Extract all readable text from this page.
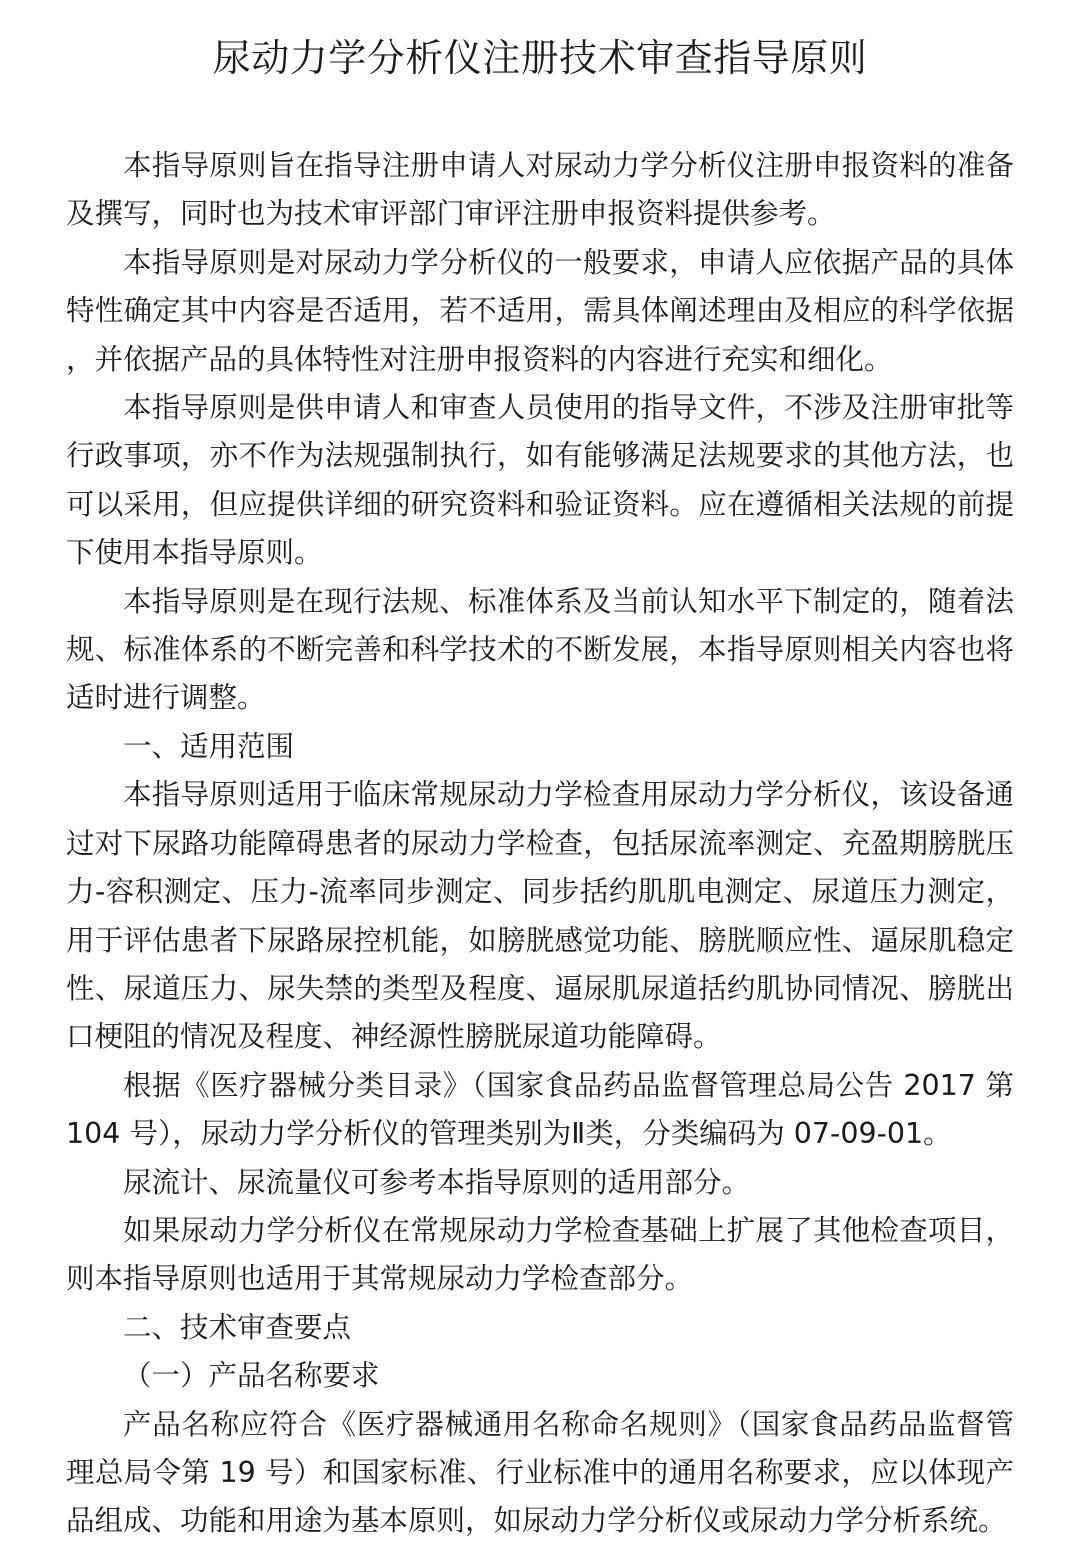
尿动力学分析仪注册技术审查指导原则

本指导原则旨在指导注册申请人对尿动力学分析仪注册申报资料的准备及撰写，同时也为技术审评部门审评注册申报资料提供参考。

本指导原则是对尿动力学分析仪的一般要求，申请人应依据产品的具体特性确定其中内容是否适用，若不适用，需具体阐述理由及相应的科学依据，并依据产品的具体特性对注册申报资料的内容进行充实和细化。

本指导原则是供申请人和审查人员使用的指导文件，不涉及注册审批等行政事项，亦不作为法规强制执行，如有能够满足法规要求的其他方法，也可以采用，但应提供详细的研究资料和验证资料。应在遵循相关法规的前提下使用本指导原则。

本指导原则是在现行法规、标准体系及当前认知水平下制定的，随着法规、标准体系的不断完善和科学技术的不断发展，本指导原则相关内容也将适时进行调整。

一、适用范围

本指导原则适用于临床常规尿动力学检查用尿动力学分析仪，该设备通过对下尿路功能障碍患者的尿动力学检查，包括尿流率测定、充盈期膀胱压力-容积测定、压力-流率同步测定、同步括约肌肌电测定、尿道压力测定，用于评估患者下尿路尿控机能，如膀胱感觉功能、膀胱顺应性、逼尿肌稳定性、尿道压力、尿失禁的类型及程度、逼尿肌尿道括约肌协同情况、膀胱出口梗阻的情况及程度、神经源性膀胱尿道功能障碍。

根据《医疗器械分类目录》（国家食品药品监督管理总局公告 2017 第 104 号），尿动力学分析仪的管理类别为Ⅱ类，分类编码为 07-09-01。

尿流计、尿流量仪可参考本指导原则的适用部分。

如果尿动力学分析仪在常规尿动力学检查基础上扩展了其他检查项目，则本指导原则也适用于其常规尿动力学检查部分。

二、技术审查要点

（一）产品名称要求

产品名称应符合《医疗器械通用名称命名规则》（国家食品药品监督管理总局令第 19 号）和国家标准、行业标准中的通用名称要求，应以体现产品组成、功能和用途为基本原则，如尿动力学分析仪或尿动力学分析系统。
